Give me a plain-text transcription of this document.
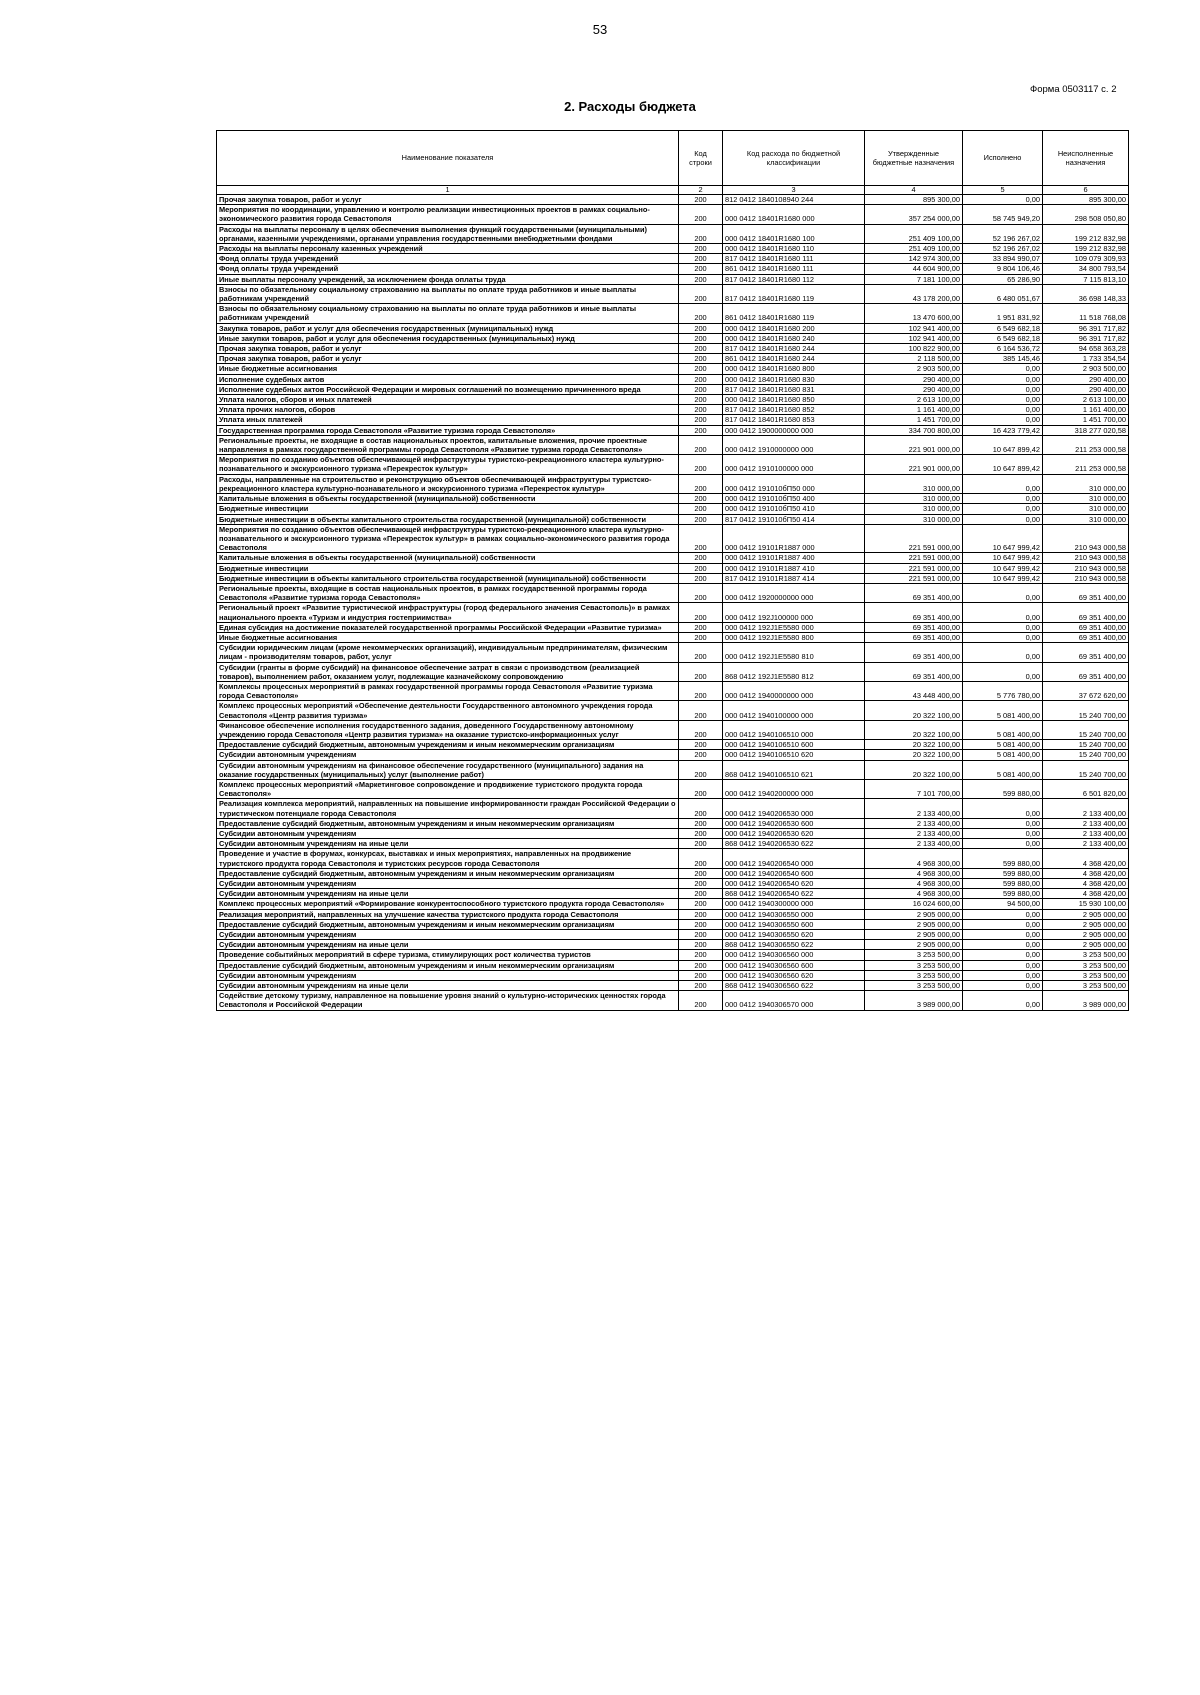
53
Форма 0503117 с. 2
2. Расходы бюджета
Наименование показателя	Код строки	Код расхода по бюджетной классификации	Утвержденные бюджетные назначения	Исполнено	Неисполненные назначения
1	2	3	4	5	6
Прочая закупка товаров, работ и услуг	200	812 0412 1840108940 244	895 300,00	0,00	895 300,00
Мероприятия по координации, управлению и контролю реализации инвестиционных проектов в рамках социально-экономического развития города Севастополя	200	000 0412 18401R1680 000	357 254 000,00	58 745 949,20	298 508 050,80
Расходы на выплаты персоналу в целях обеспечения выполнения функций государственными (муниципальными) органами, казенными учреждениями, органами управления государственными внебюджетными фондами	200	000 0412 18401R1680 100	251 409 100,00	52 196 267,02	199 212 832,98
Расходы на выплаты персоналу казенных учреждений	200	000 0412 18401R1680 110	251 409 100,00	52 196 267,02	199 212 832,98
Фонд оплаты труда учреждений	200	817 0412 18401R1680 111	142 974 300,00	33 894 990,07	109 079 309,93
Фонд оплаты труда учреждений	200	861 0412 18401R1680 111	44 604 900,00	9 804 106,46	34 800 793,54
Иные выплаты персоналу учреждений, за исключением фонда оплаты труда	200	817 0412 18401R1680 112	7 181 100,00	65 286,90	7 115 813,10
Взносы по обязательному социальному страхованию на выплаты по оплате труда работников и иные выплаты работникам учреждений	200	817 0412 18401R1680 119	43 178 200,00	6 480 051,67	36 698 148,33
Взносы по обязательному социальному страхованию на выплаты по оплате труда работников и иные выплаты работникам учреждений	200	861 0412 18401R1680 119	13 470 600,00	1 951 831,92	11 518 768,08
Закупка товаров, работ и услуг для обеспечения государственных (муниципальных) нужд	200	000 0412 18401R1680 200	102 941 400,00	6 549 682,18	96 391 717,82
Иные закупки товаров, работ и услуг для обеспечения государственных (муниципальных) нужд	200	000 0412 18401R1680 240	102 941 400,00	6 549 682,18	96 391 717,82
Прочая закупка товаров, работ и услуг	200	817 0412 18401R1680 244	100 822 900,00	6 164 536,72	94 658 363,28
Прочая закупка товаров, работ и услуг	200	861 0412 18401R1680 244	2 118 500,00	385 145,46	1 733 354,54
Иные бюджетные ассигнования	200	000 0412 18401R1680 800	2 903 500,00	0,00	2 903 500,00
Исполнение судебных актов	200	000 0412 18401R1680 830	290 400,00	0,00	290 400,00
Исполнение судебных актов Российской Федерации и мировых соглашений по возмещению причиненного вреда	200	817 0412 18401R1680 831	290 400,00	0,00	290 400,00
Уплата налогов, сборов и иных платежей	200	000 0412 18401R1680 850	2 613 100,00	0,00	2 613 100,00
Уплата прочих налогов, сборов	200	817 0412 18401R1680 852	1 161 400,00	0,00	1 161 400,00
Уплата иных платежей	200	817 0412 18401R1680 853	1 451 700,00	0,00	1 451 700,00
Государственная программа города Севастополя «Развитие туризма города Севастополя»	200	000 0412 1900000000 000	334 700 800,00	16 423 779,42	318 277 020,58
Региональные проекты, не входящие в состав национальных проектов, капитальные вложения, прочие проектные направления в рамках государственной программы города Севастополя «Развитие туризма города Севастополя»	200	000 0412 1910000000 000	221 901 000,00	10 647 899,42	211 253 000,58
Мероприятия по созданию объектов обеспечивающей инфраструктуры туристско-рекреационного кластера культурно-познавательного и экскурсионного туризма «Перекресток культур»	200	000 0412 1910100000 000	221 901 000,00	10 647 899,42	211 253 000,58
Расходы, направленные на строительство и реконструкцию объектов обеспечивающей инфраструктуры туристско-рекреационного кластера культурно-познавательного и экскурсионного туризма «Перекресток культур»	200	000 0412 191010бП50 000	310 000,00	0,00	310 000,00
Капитальные вложения в объекты государственной (муниципальной) собственности	200	000 0412 191010бП50 400	310 000,00	0,00	310 000,00
Бюджетные инвестиции	200	000 0412 191010бП50 410	310 000,00	0,00	310 000,00
Бюджетные инвестиции в объекты капитального строительства государственной (муниципальной) собственности	200	817 0412 191010бП50 414	310 000,00	0,00	310 000,00
Мероприятия по созданию объектов обеспечивающей инфраструктуры туристско-рекреационного кластера культурно-познавательного и экскурсионного туризма «Перекресток культур» в рамках социально-экономического развития города Севастополя	200	000 0412 19101R1887 000	221 591 000,00	10 647 999,42	210 943 000,58
Капитальные вложения в объекты государственной (муниципальной) собственности	200	000 0412 19101R1887 400	221 591 000,00	10 647 999,42	210 943 000,58
Бюджетные инвестиции	200	000 0412 19101R1887 410	221 591 000,00	10 647 999,42	210 943 000,58
Бюджетные инвестиции в объекты капитального строительства государственной (муниципальной) собственности	200	817 0412 19101R1887 414	221 591 000,00	10 647 999,42	210 943 000,58
Региональные проекты, входящие в состав национальных проектов, в рамках государственной программы города Севастополя «Развитие туризма города Севастополя»	200	000 0412 1920000000 000	69 351 400,00	0,00	69 351 400,00
Региональный проект «Развитие туристической инфраструктуры (город федерального значения Севастополь)» в рамках национального проекта «Туризм и индустрия гостеприимства»	200	000 0412 192J100000 000	69 351 400,00	0,00	69 351 400,00
Единая субсидия на достижение показателей государственной программы Российской Федерации «Развитие туризма»	200	000 0412 192J1E5580 000	69 351 400,00	0,00	69 351 400,00
Иные бюджетные ассигнования	200	000 0412 192J1E5580 800	69 351 400,00	0,00	69 351 400,00
Субсидии юридическим лицам (кроме некоммерческих организаций), индивидуальным предпринимателям, физическим лицам - производителям товаров, работ, услуг	200	000 0412 192J1E5580 810	69 351 400,00	0,00	69 351 400,00
Субсидии (гранты в форме субсидий) на финансовое обеспечение затрат в связи с производством (реализацией товаров), выполнением работ, оказанием услуг, подлежащие казначейскому сопровождению	200	868 0412 192J1E5580 812	69 351 400,00	0,00	69 351 400,00
Комплексы процессных мероприятий в рамках государственной программы города Севастополя «Развитие туризма города Севастополя»	200	000 0412 1940000000 000	43 448 400,00	5 776 780,00	37 672 620,00
Комплекс процессных мероприятий «Обеспечение деятельности Государственного автономного учреждения города Севастополя «Центр развития туризма»	200	000 0412 1940100000 000	20 322 100,00	5 081 400,00	15 240 700,00
Финансовое обеспечение исполнения государственного задания, доведенного Государственному автономному учреждению города Севастополя «Центр развития туризма» на оказание туристско-информационных услуг	200	000 0412 1940106510 000	20 322 100,00	5 081 400,00	15 240 700,00
Предоставление субсидий бюджетным, автономным учреждениям и иным некоммерческим организациям	200	000 0412 1940106510 600	20 322 100,00	5 081 400,00	15 240 700,00
Субсидии автономным учреждениям	200	000 0412 1940106510 620	20 322 100,00	5 081 400,00	15 240 700,00
Субсидии автономным учреждениям на финансовое обеспечение государственного (муниципального) задания на оказание государственных (муниципальных) услуг (выполнение работ)	200	868 0412 1940106510 621	20 322 100,00	5 081 400,00	15 240 700,00
Комплекс процессных мероприятий «Маркетинговое сопровождение и продвижение туристского продукта города Севастополя»	200	000 0412 1940200000 000	7 101 700,00	599 880,00	6 501 820,00
Реализация комплекса мероприятий, направленных на повышение информированности граждан Российской Федерации о туристическом потенциале города Севастополя	200	000 0412 1940206530 000	2 133 400,00	0,00	2 133 400,00
Предоставление субсидий бюджетным, автономным учреждениям и иным некоммерческим организациям	200	000 0412 1940206530 600	2 133 400,00	0,00	2 133 400,00
Субсидии автономным учреждениям	200	000 0412 1940206530 620	2 133 400,00	0,00	2 133 400,00
Субсидии автономным учреждениям на иные цели	200	868 0412 1940206530 622	2 133 400,00	0,00	2 133 400,00
Проведение и участие в форумах, конкурсах, выставках и иных мероприятиях, направленных на продвижение туристского продукта города Севастополя и туристских ресурсов города Севастополя	200	000 0412 1940206540 000	4 968 300,00	599 880,00	4 368 420,00
Предоставление субсидий бюджетным, автономным учреждениям и иным некоммерческим организациям	200	000 0412 1940206540 600	4 968 300,00	599 880,00	4 368 420,00
Субсидии автономным учреждениям	200	000 0412 1940206540 620	4 968 300,00	599 880,00	4 368 420,00
Субсидии автономным учреждениям на иные цели	200	868 0412 1940206540 622	4 968 300,00	599 880,00	4 368 420,00
Комплекс процессных мероприятий «Формирование конкурентоспособного туристского продукта города Севастополя»	200	000 0412 1940300000 000	16 024 600,00	94 500,00	15 930 100,00
Реализация мероприятий, направленных на улучшение качества туристского продукта города Севастополя	200	000 0412 1940306550 000	2 905 000,00	0,00	2 905 000,00
Предоставление субсидий бюджетным, автономным учреждениям и иным некоммерческим организациям	200	000 0412 1940306550 600	2 905 000,00	0,00	2 905 000,00
Субсидии автономным учреждениям	200	000 0412 1940306550 620	2 905 000,00	0,00	2 905 000,00
Субсидии автономным учреждениям на иные цели	200	868 0412 1940306550 622	2 905 000,00	0,00	2 905 000,00
Проведение событийных мероприятий в сфере туризма, стимулирующих рост количества туристов	200	000 0412 1940306560 000	3 253 500,00	0,00	3 253 500,00
Предоставление субсидий бюджетным, автономным учреждениям и иным некоммерческим организациям	200	000 0412 1940306560 600	3 253 500,00	0,00	3 253 500,00
Субсидии автономным учреждениям	200	000 0412 1940306560 620	3 253 500,00	0,00	3 253 500,00
Субсидии автономным учреждениям на иные цели	200	868 0412 1940306560 622	3 253 500,00	0,00	3 253 500,00
Содействие детскому туризму, направленное на повышение уровня знаний о культурно-исторических ценностях города Севастополя и Российской Федерации	200	000 0412 1940306570 000	3 989 000,00	0,00	3 989 000,00
